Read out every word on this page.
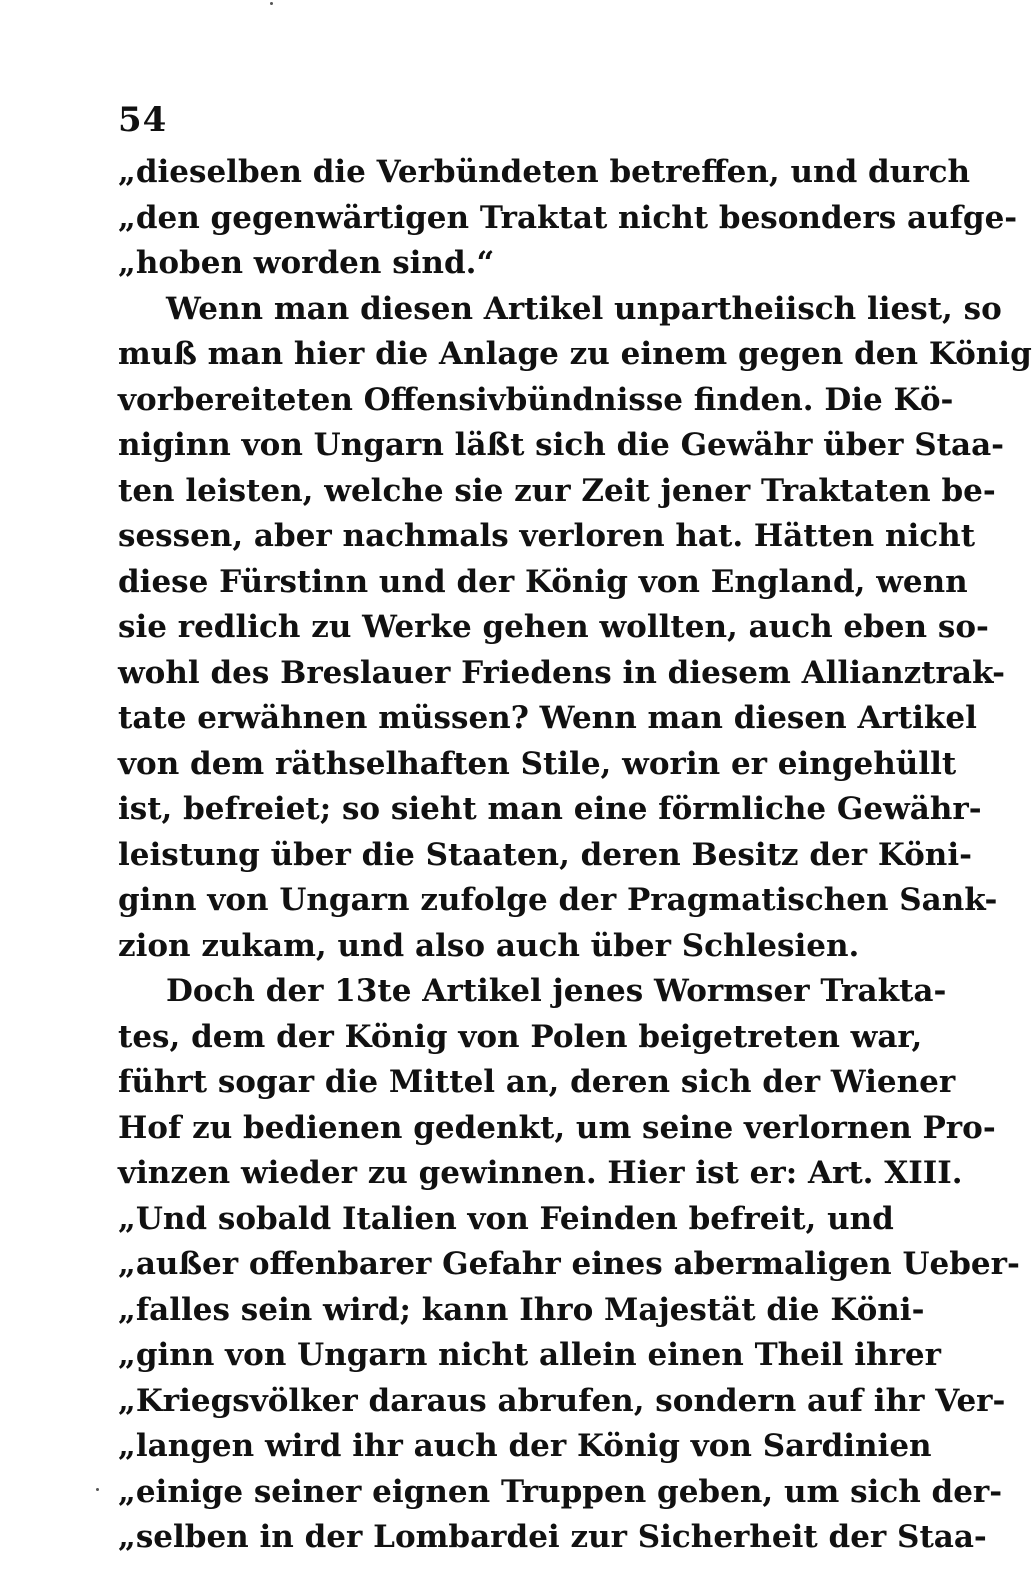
54
„dieselben die Verbündeten betreffen, und durch
„den gegenwärtigen Traktat nicht besonders aufge-
„hoben worden sind.“
Wenn man diesen Artikel unpartheiisch liest, so
muß man hier die Anlage zu einem gegen den König
vorbereiteten Offensivbündnisse finden. Die Kö-
niginn von Ungarn läßt sich die Gewähr über Staa-
ten leisten, welche sie zur Zeit jener Traktaten be-
sessen, aber nachmals verloren hat. Hätten nicht
diese Fürstinn und der König von England, wenn
sie redlich zu Werke gehen wollten, auch eben so-
wohl des Breslauer Friedens in diesem Allianztrak-
tate erwähnen müssen? Wenn man diesen Artikel
von dem räthselhaften Stile, worin er eingehüllt
ist, befreiet; so sieht man eine förmliche Gewähr-
leistung über die Staaten, deren Besitz der Köni-
ginn von Ungarn zufolge der Pragmatischen Sank-
zion zukam, und also auch über Schlesien.
Doch der 13te Artikel jenes Wormser Trakta-
tes, dem der König von Polen beigetreten war,
führt sogar die Mittel an, deren sich der Wiener
Hof zu bedienen gedenkt, um seine verlornen Pro-
vinzen wieder zu gewinnen. Hier ist er: Art. XIII.
„Und sobald Italien von Feinden befreit, und
„außer offenbarer Gefahr eines abermaligen Ueber-
„falles sein wird; kann Ihro Majestät die Köni-
„ginn von Ungarn nicht allein einen Theil ihrer
„Kriegsvölker daraus abrufen, sondern auf ihr Ver-
„langen wird ihr auch der König von Sardinien
„einige seiner eignen Truppen geben, um sich der-
„selben in der Lombardei zur Sicherheit der Staa-
